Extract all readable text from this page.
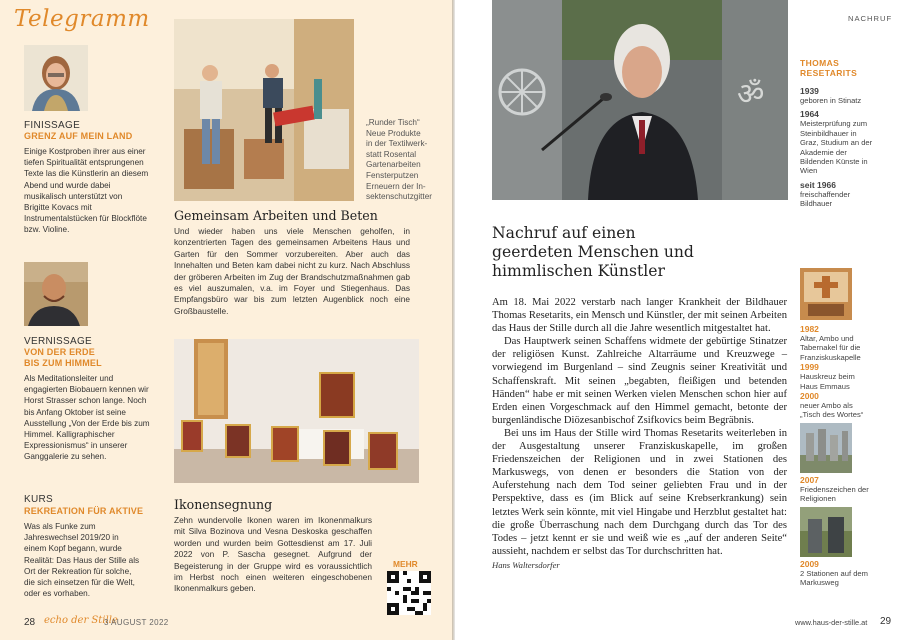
Telegramm
FINISSAGE
GRENZ AUF MEIN LAND
Einige Kostproben ihrer aus einer tiefen Spiritualität entsprungenen Texte las die Künstlerin an diesem Abend und wurde dabei musikalisch unterstützt von Brigitte Kovacs mit Instrumentalstücken für Blockflöte bzw. Violine.
VERNISSAGE
VON DER ERDE
BIS ZUM HIMMEL
Als Meditationsleiter und engagierten Biobauern kennen wir Horst Strasser schon lange. Noch bis Anfang Oktober ist seine Ausstellung „Von der Erde bis zum Himmel. Kalligraphischer Expressionismus“ in unserer Ganggalerie zu sehen.
KURS
REKREATION FÜR AKTIVE
Was als Funke zum Jahreswechsel 2019/20 in einem Kopf begann, wurde Realität: Das Haus der Stille als Ort der Rekreation für solche, die sich einsetzen für die Welt, oder es vorhaben.
„Runder Tisch“
Neue Produkte
in der Textilwerk-
statt Rosental
Gartenarbeiten
Fensterputzen
Erneuern der In-
sektenschutzgitter
Gemeinsam Arbeiten und Beten
Und wieder haben uns viele Menschen geholfen, in konzentrierten Tagen des gemeinsamen Arbeitens Haus und Garten für den Sommer vorzubereiten. Aber auch das Innehalten und Beten kam dabei nicht zu kurz. Nach Abschluss der gröberen Arbeiten im Zug der Brandschutzmaßnahmen gab es viel auszumalen, v.a. im Foyer und Stiegenhaus. Das Empfangsbüro war bis zum letzten Augenblick noch eine Großbaustelle.
Ikonensegnung
Zehn wundervolle Ikonen waren im Ikonenmalkurs mit Silva Bozinova und Vesna Deskoska geschaffen worden und wurden beim Gottesdienst am 17. Juli 2022 von P. Sascha gesegnet. Aufgrund der Begeisterung in der Gruppe wird es voraussichtlich im Herbst noch einen weiteren eingeschobenen Ikonenmalkurs geben.
MEHR
28 echo der Stille
3 AUGUST 2022
ॐ
NACHRUF
THOMAS
RESETARITS
1939
geboren in Stinatz
1964
Meisterprüfung zum Steinbildhauer in Graz, Studium an der Akademie der Bildenden Künste in Wien
seit 1966
freischaffender Bildhauer
Nachruf auf einen
geerdeten Menschen und
himmlischen Künstler

Am 18. Mai 2022 verstarb nach langer Krankheit der Bildhauer Thomas Resetarits, ein Mensch und Künstler, der mit seinen Arbeiten das Haus der Stille durch all die Jahre wesentlich mitgestaltet hat.

Das Hauptwerk seinen Schaffens widmete der gebürtige Stinatzer der religiösen Kunst. Zahlreiche Altarräume und Kreuzwege – vorwiegend im Burgenland – sind Zeugnis seiner Kreativität und Schaffenskraft. Mit seinen „begabten, fleißigen und betenden Händen“ habe er mit seinen Werken vielen Menschen schon hier auf Erden einen Vorgeschmack auf den Himmel gemacht, betonte der burgenländische Diözesanbischof Zsifkovics beim Begräbnis.

Bei uns im Haus der Stille wird Thomas Resetarits weiterleben in der Ausgestaltung unserer Franziskuskapelle, im großen Friedenszeichen der Religionen und in zwei Stationen des Markuswegs, von denen er besonders die Station von der Auferstehung nach dem Tod seiner geliebten Frau und in der Perspektive, dass es (im Blick auf seine Krebserkrankung) sein letztes Werk sein könnte, mit viel Hingabe und Herzblut gestaltet hat: die große Überraschung nach dem Durchgang durch das Tor des Todes – jetzt kennt er sie und weiß wie es „auf der anderen Seite“ aussieht, nachdem er selbst das Tor durchschritten hat.

Hans Waltersdorfer
1982
Altar, Ambo und Tabernakel für die Franziskuskapelle
1999
Hauskreuz beim Haus Emmaus
2000
neuer Ambo als „Tisch des Wortes“
2007
Friedenszeichen der Religionen
2009
2 Stationen auf dem Markusweg
www.haus-der-stille.at 29
